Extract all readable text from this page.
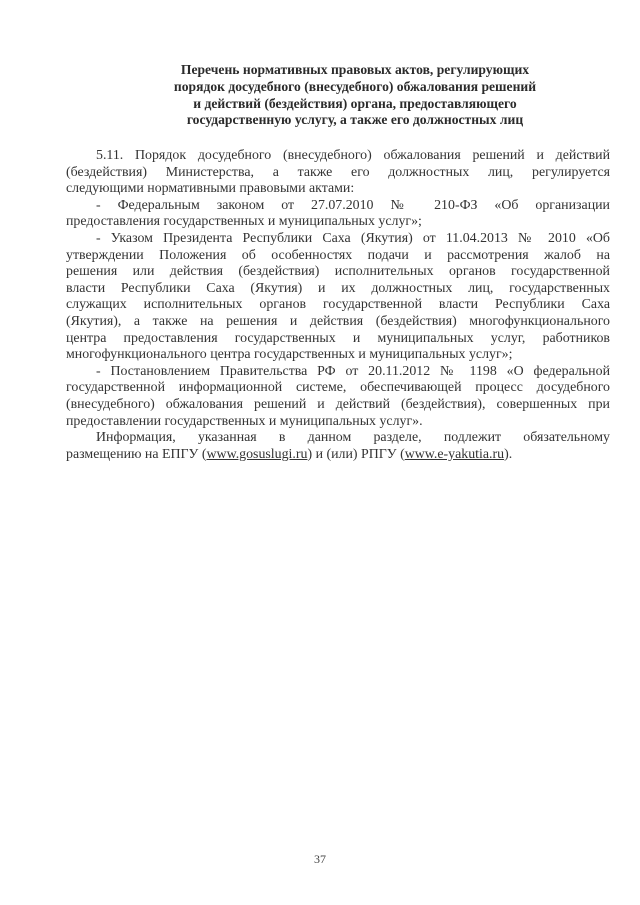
Перечень нормативных правовых актов, регулирующих
порядок досудебного (внесудебного) обжалования решений
и действий (бездействия) органа, предоставляющего
государственную услугу, а также его должностных лиц
5.11. Порядок досудебного (внесудебного) обжалования решений и действий
(бездействия) Министерства, а также его должностных лиц, регулируется
следующими нормативными правовыми актами:
- Федеральным законом от 27.07.2010 № 210-ФЗ «Об организации
предоставления государственных и муниципальных услуг»;
- Указом Президента Республики Саха (Якутия) от 11.04.2013 № 2010 «Об
утверждении Положения об особенностях подачи и рассмотрения жалоб на
решения или действия (бездействия) исполнительных органов государственной
власти Республики Саха (Якутия) и их должностных лиц, государственных
служащих исполнительных органов государственной власти Республики Саха
(Якутия), а также на решения и действия (бездействия) многофункционального
центра предоставления государственных и муниципальных услуг, работников
многофункционального центра государственных и муниципальных услуг»;
- Постановлением Правительства РФ от 20.11.2012 № 1198 «О федеральной
государственной информационной системе, обеспечивающей процесс досудебного
(внесудебного) обжалования решений и действий (бездействия), совершенных при
предоставлении государственных и муниципальных услуг».
Информация, указанная в данном разделе, подлежит обязательному
размещению на ЕПГУ (www.gosuslugi.ru) и (или) РПГУ (www.e-yakutia.ru).
37
